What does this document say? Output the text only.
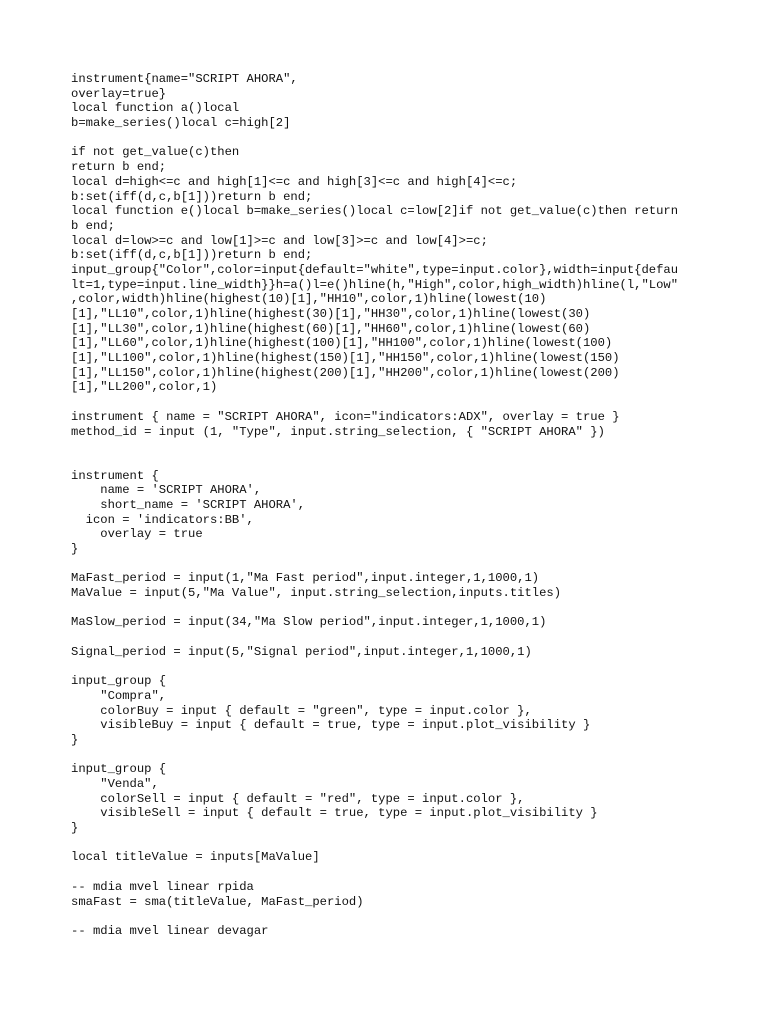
instrument{name="SCRIPT AHORA",
overlay=true}
local function a()local
b=make_series()local c=high[2]
if not get_value(c)then
return b end;
local d=high<=c and high[1]<=c and high[3]<=c and high[4]<=c;
b:set(iff(d,c,b[1]))return b end;
local function e()local b=make_series()local c=low[2]if not get_value(c)then return
b end;
local d=low>=c and low[1]>=c and low[3]>=c and low[4]>=c;
b:set(iff(d,c,b[1]))return b end;
input_group{"Color",color=input{default="white",type=input.color},width=input{defau
lt=1,type=input.line_width}}h=a()l=e()hline(h,"High",color,high_width)hline(l,"Low"
,color,width)hline(highest(10)[1],"HH10",color,1)hline(lowest(10)
[1],"LL10",color,1)hline(highest(30)[1],"HH30",color,1)hline(lowest(30)
[1],"LL30",color,1)hline(highest(60)[1],"HH60",color,1)hline(lowest(60)
[1],"LL60",color,1)hline(highest(100)[1],"HH100",color,1)hline(lowest(100)
[1],"LL100",color,1)hline(highest(150)[1],"HH150",color,1)hline(lowest(150)
[1],"LL150",color,1)hline(highest(200)[1],"HH200",color,1)hline(lowest(200)
[1],"LL200",color,1)
instrument { name = "SCRIPT AHORA", icon="indicators:ADX", overlay = true }
method_id = input (1, "Type", input.string_selection, { "SCRIPT AHORA" })
instrument {
name = 'SCRIPT AHORA',
short_name = 'SCRIPT AHORA',
icon = 'indicators:BB',
overlay = true
}
MaFast_period = input(1,"Ma Fast period",input.integer,1,1000,1)
MaValue = input(5,"Ma Value", input.string_selection,inputs.titles)
MaSlow_period = input(34,"Ma Slow period",input.integer,1,1000,1)
Signal_period = input(5,"Signal period",input.integer,1,1000,1)
input_group {
"Compra",
colorBuy = input { default = "green", type = input.color },
visibleBuy = input { default = true, type = input.plot_visibility }
}
input_group {
"Venda",
colorSell = input { default = "red", type = input.color },
visibleSell = input { default = true, type = input.plot_visibility }
}
local titleValue = inputs[MaValue]
-- mdia mvel linear rpida
smaFast = sma(titleValue, MaFast_period)
-- mdia mvel linear devagar
